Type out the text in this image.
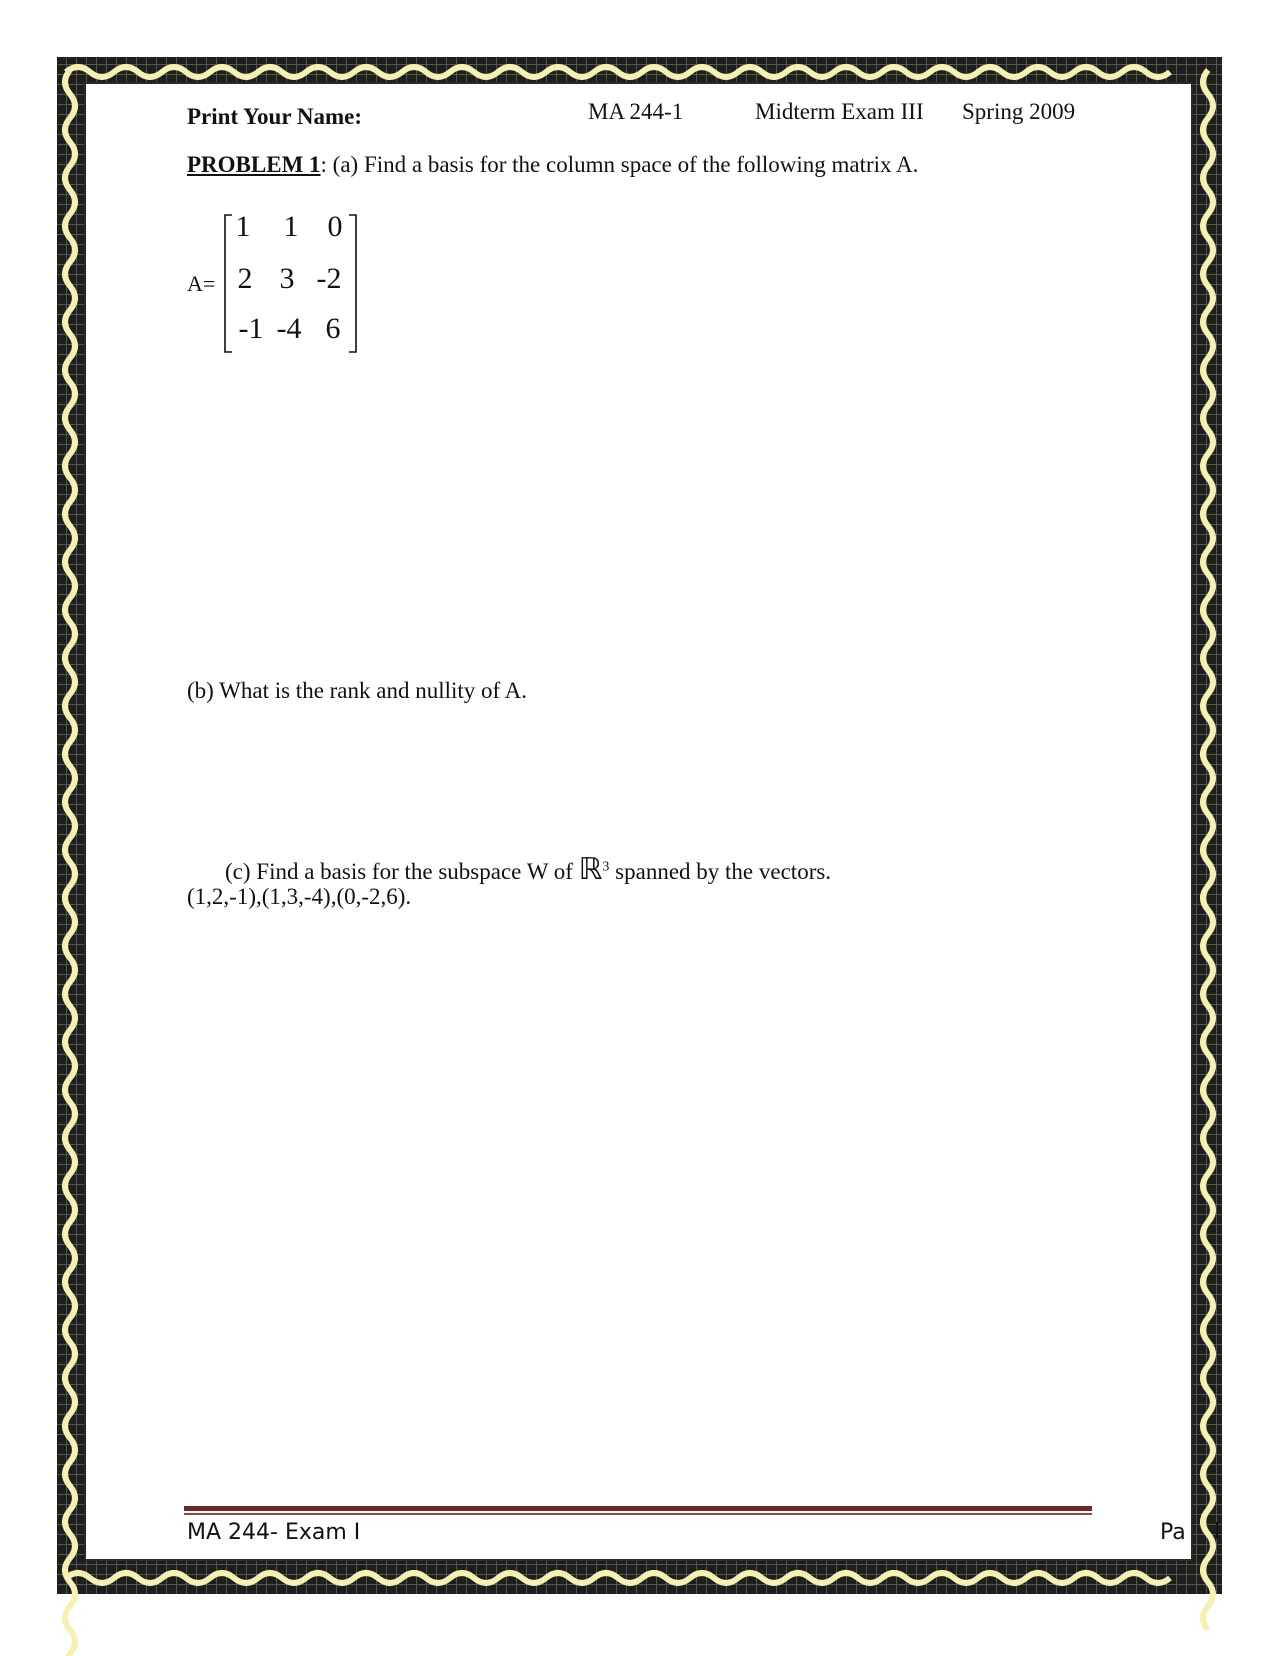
Print Your Name:	MA 244-1	Midterm Exam III Spring 2009
PROBLEM 1: (a) Find a basis for the column space of the following matrix A.
A=
1	1 0
2 3 -2
-1 -4 6
(b) What is the rank and nullity of A.
(c) Find a basis for the subspace W of ℝ$^3$ spanned by the vectors.
(1,2,-1),(1,3,-4),(0,-2,6).
MA 244- Exam I	Pa l
